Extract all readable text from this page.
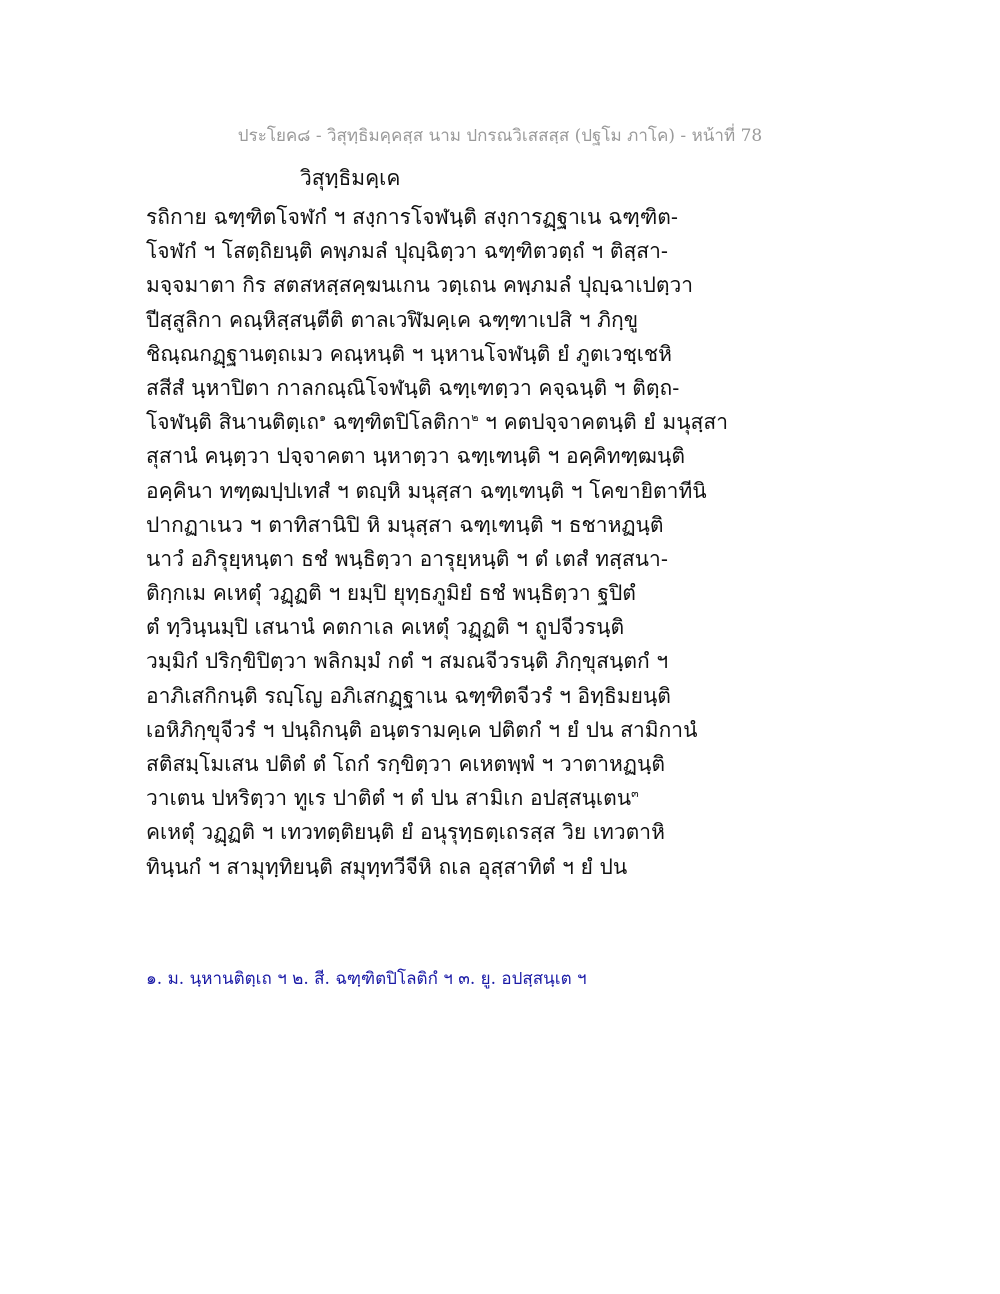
ประโยค๘ - วิสุทฺธิมคฺคสฺส นาม ปกรณวิเสสสฺส (ปฐโม ภาโค) - หน้าที่ 78
วิสุทฺธิมคฺเค
รถิกาย ฉฑฺฑิตโจฬกํ ฯ สงฺการโจฬนฺติ สงฺการฏฺฐาเน ฉฑฺฑิต-
โจฬกํ ฯ โสตฺถิยนฺติ คพฺภมลํ ปุญฺฉิตฺวา ฉฑฺฑิตวตฺถํ ฯ ติสฺสา-
มจฺจมาตา กิร สตสหสฺสคฺฆนเกน วตฺเถน คพฺภมลํ ปุญฺฉาเปตฺวา
ปีสฺสูลิกา คณฺหิสฺสนฺตีติ ตาลเวฬิมคฺเค ฉฑฺฑาเปสิ ฯ ภิกฺขู
ชิณฺณกฏฺฐานตฺถเมว คณฺหนฺติ ฯ นฺหานโจฬนฺติ ยํ ภูตเวชฺเชหิ
สสีสํ นฺหาปิตา กาลกณฺณิโจฬนฺติ ฉฑฺเฑตฺวา คจฺฉนฺติ ฯ ติตฺถ-
โจฬนฺติ สินานติตฺเถ$^๑$ ฉฑฺฑิตปิโลติกา$^๒$ ฯ คตปจฺจาคตนฺติ ยํ มนุสฺสา
สุสานํ คนฺตฺวา ปจฺจาคตา นฺหาตฺวา ฉฑฺเฑนฺติ ฯ อคฺคิทฑฺฒนฺติ
อคฺคินา ทฑฺฒปฺปเทสํ ฯ ตญฺหิ มนุสฺสา ฉฑฺเฑนฺติ ฯ โคขายิตาทีนิ
ปากฏาเนว ฯ ตาทิสานิปิ หิ มนุสฺสา ฉฑฺเฑนฺติ ฯ ธชาหฏนฺติ
นาวํ อภิรุยฺหนฺตา ธชํ พนฺธิตฺวา อารุยฺหนฺติ ฯ ตํ เตสํ ทสฺสนา-
ติกฺกเม คเหตุํ วฏฺฏติ ฯ ยมฺปิ ยุทฺธภูมิยํ ธชํ พนฺธิตฺวา ฐปิตํ
ตํ ทฺวินฺนมฺปิ เสนานํ คตกาเล คเหตุํ วฏฺฏติ ฯ ถูปจีวรนฺติ
วมฺมิกํ ปริกฺขิปิตฺวา พลิกมฺมํ กตํ ฯ สมณจีวรนฺติ ภิกฺขุสนฺตกํ ฯ
อาภิเสกิกนฺติ รญฺโญ อภิเสกฏฺฐาเน ฉฑฺฑิตจีวรํ ฯ อิทฺธิมยนฺติ
เอหิภิกฺขุจีวรํ ฯ ปนฺถิกนฺติ อนฺตรามคฺเค ปติตกํ ฯ ยํ ปน สามิกานํ
สติสมฺโมเสน ปติตํ ตํ โถกํ รกฺขิตฺวา คเหตพฺพํ ฯ วาตาหฏนฺติ
วาเตน ปหริตฺวา ทูเร ปาติตํ ฯ ตํ ปน สามิเก อปสฺสนฺเตน$^๓$
คเหตุํ วฏฺฏติ ฯ เทวทตฺติยนฺติ ยํ อนุรุทฺธตฺเถรสฺส วิย เทวตาหิ
ทินฺนกํ ฯ สามุทฺทิยนฺติ สมุทฺทวีจีหิ ถเล อุสฺสาทิตํ ฯ ยํ ปน
๑. ม. นฺหานติตฺเถ ฯ ๒. สี. ฉฑฺฑิตปิโลติกํ ฯ ๓. ยู. อปสฺสนฺเต ฯ
